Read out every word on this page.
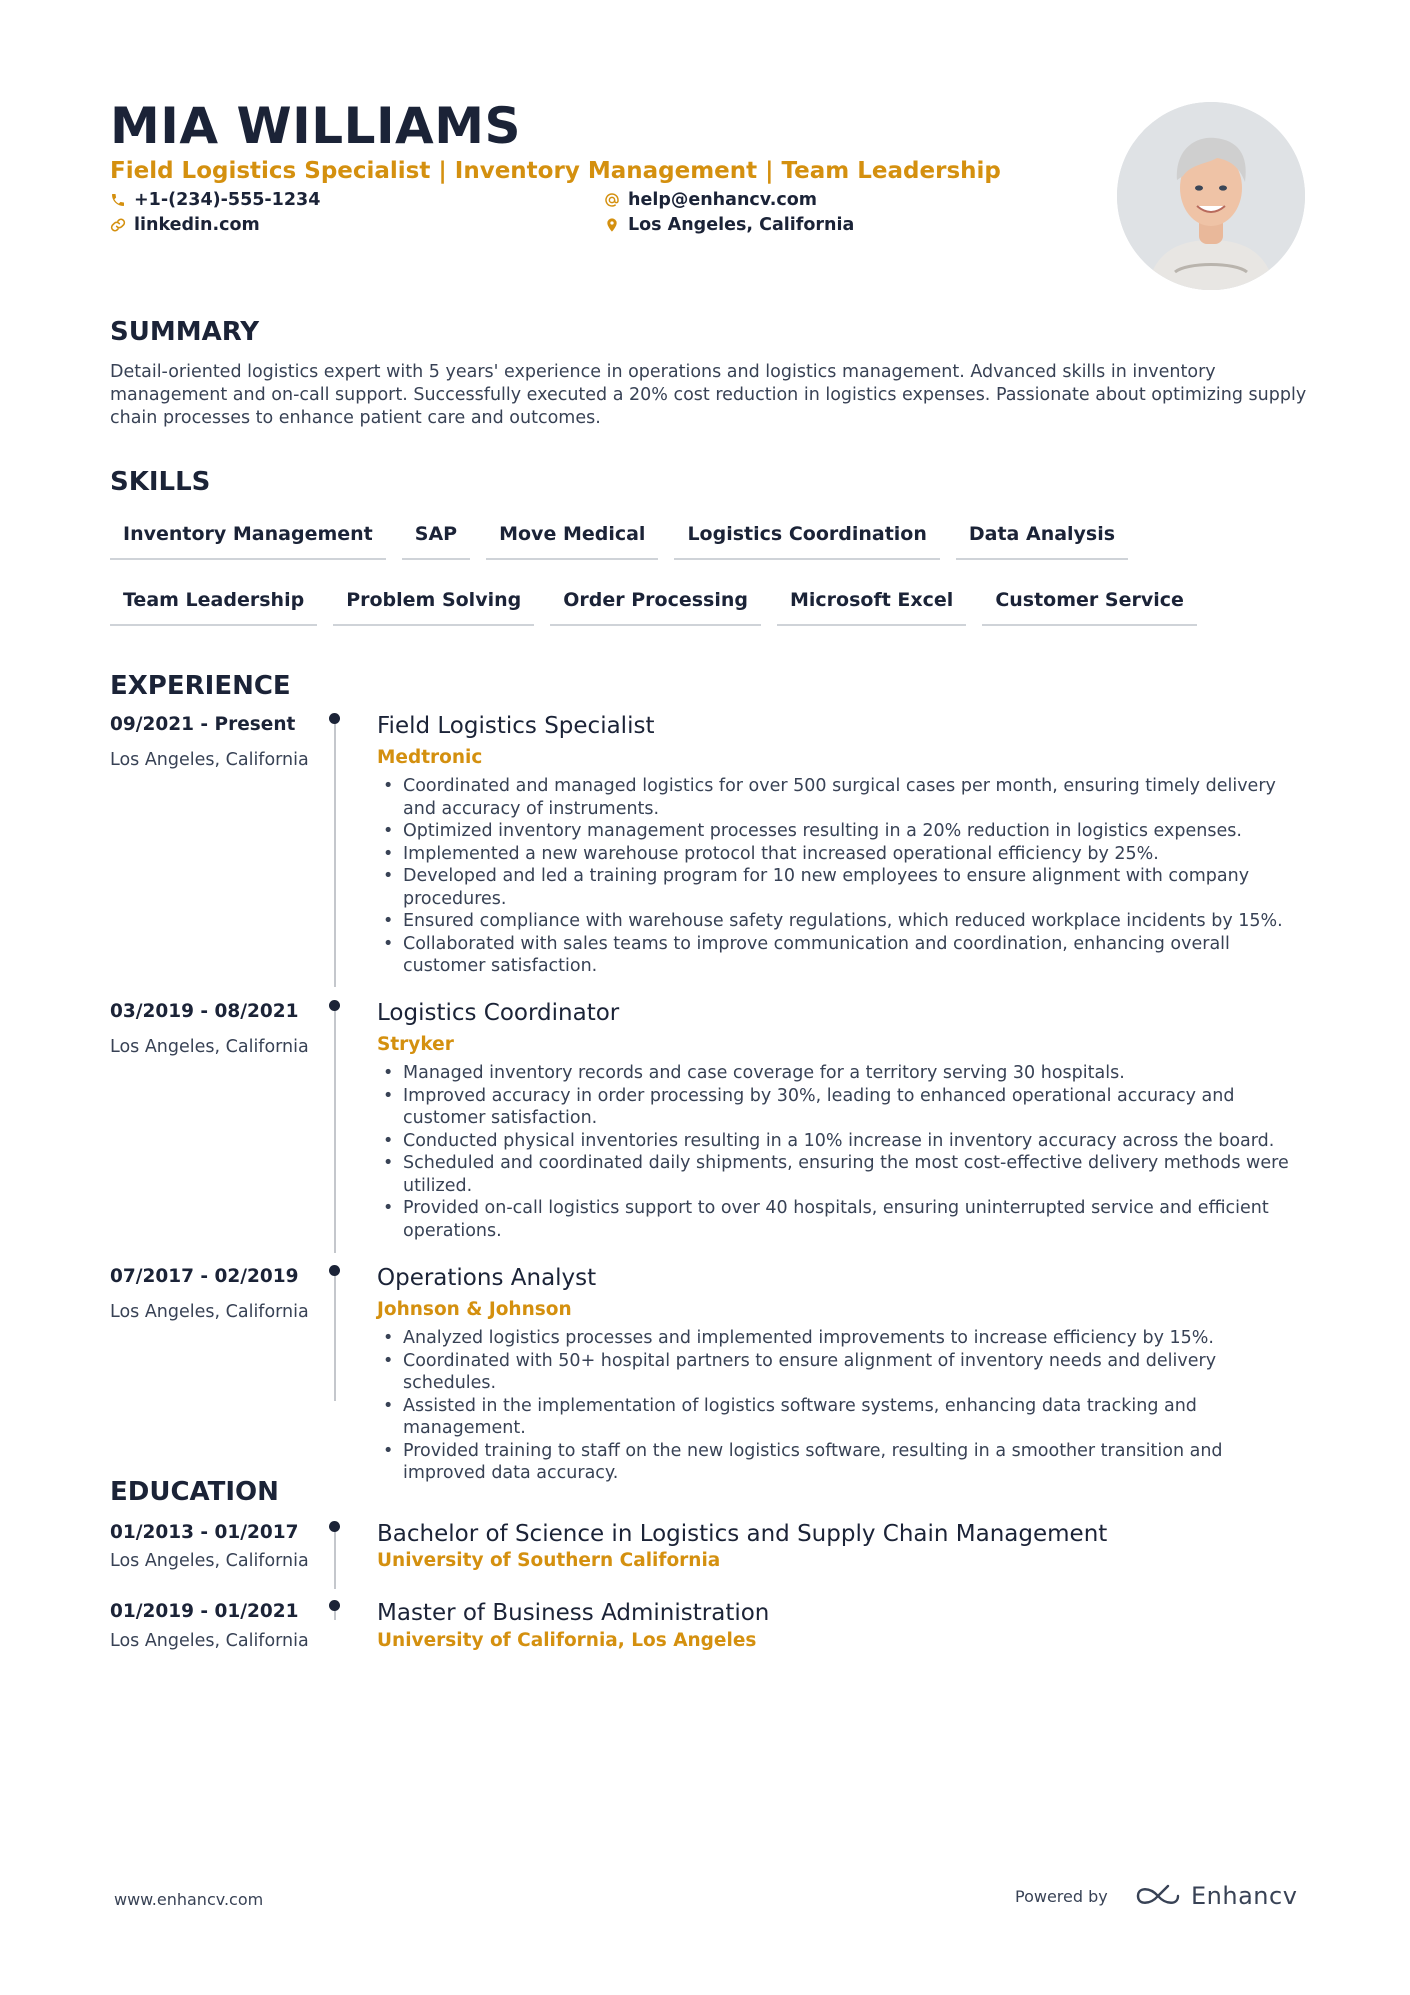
MIA WILLIAMS
Field Logistics Specialist | Inventory Management | Team Leadership
+1-(234)-555-1234	help@enhancv.com
linkedin.com	Los Angeles, California
SUMMARY
Detail-oriented logistics expert with 5 years' experience in operations and logistics management. Advanced skills in inventory management and on-call support. Successfully executed a 20% cost reduction in logistics expenses. Passionate about optimizing supply chain processes to enhance patient care and outcomes.
SKILLS
Inventory Management	SAP	Move Medical	Logistics Coordination	Data Analysis
Team Leadership	Problem Solving	Order Processing	Microsoft Excel	Customer Service
EXPERIENCE
09/2021 - Present
Los Angeles, California
Field Logistics Specialist
Medtronic
• Coordinated and managed logistics for over 500 surgical cases per month, ensuring timely delivery and accuracy of instruments.
• Optimized inventory management processes resulting in a 20% reduction in logistics expenses.
• Implemented a new warehouse protocol that increased operational efficiency by 25%.
• Developed and led a training program for 10 new employees to ensure alignment with company procedures.
• Ensured compliance with warehouse safety regulations, which reduced workplace incidents by 15%.
• Collaborated with sales teams to improve communication and coordination, enhancing overall customer satisfaction.
03/2019 - 08/2021
Los Angeles, California
Logistics Coordinator
Stryker
• Managed inventory records and case coverage for a territory serving 30 hospitals.
• Improved accuracy in order processing by 30%, leading to enhanced operational accuracy and customer satisfaction.
• Conducted physical inventories resulting in a 10% increase in inventory accuracy across the board.
• Scheduled and coordinated daily shipments, ensuring the most cost-effective delivery methods were utilized.
• Provided on-call logistics support to over 40 hospitals, ensuring uninterrupted service and efficient operations.
07/2017 - 02/2019
Los Angeles, California
Operations Analyst
Johnson & Johnson
• Analyzed logistics processes and implemented improvements to increase efficiency by 15%.
• Coordinated with 50+ hospital partners to ensure alignment of inventory needs and delivery schedules.
• Assisted in the implementation of logistics software systems, enhancing data tracking and management.
• Provided training to staff on the new logistics software, resulting in a smoother transition and improved data accuracy.
EDUCATION
01/2013 - 01/2017
Los Angeles, California
Bachelor of Science in Logistics and Supply Chain Management
University of Southern California
01/2019 - 01/2021
Los Angeles, California
Master of Business Administration
University of California, Los Angeles
www.enhancv.com	Powered by	Enhancv
